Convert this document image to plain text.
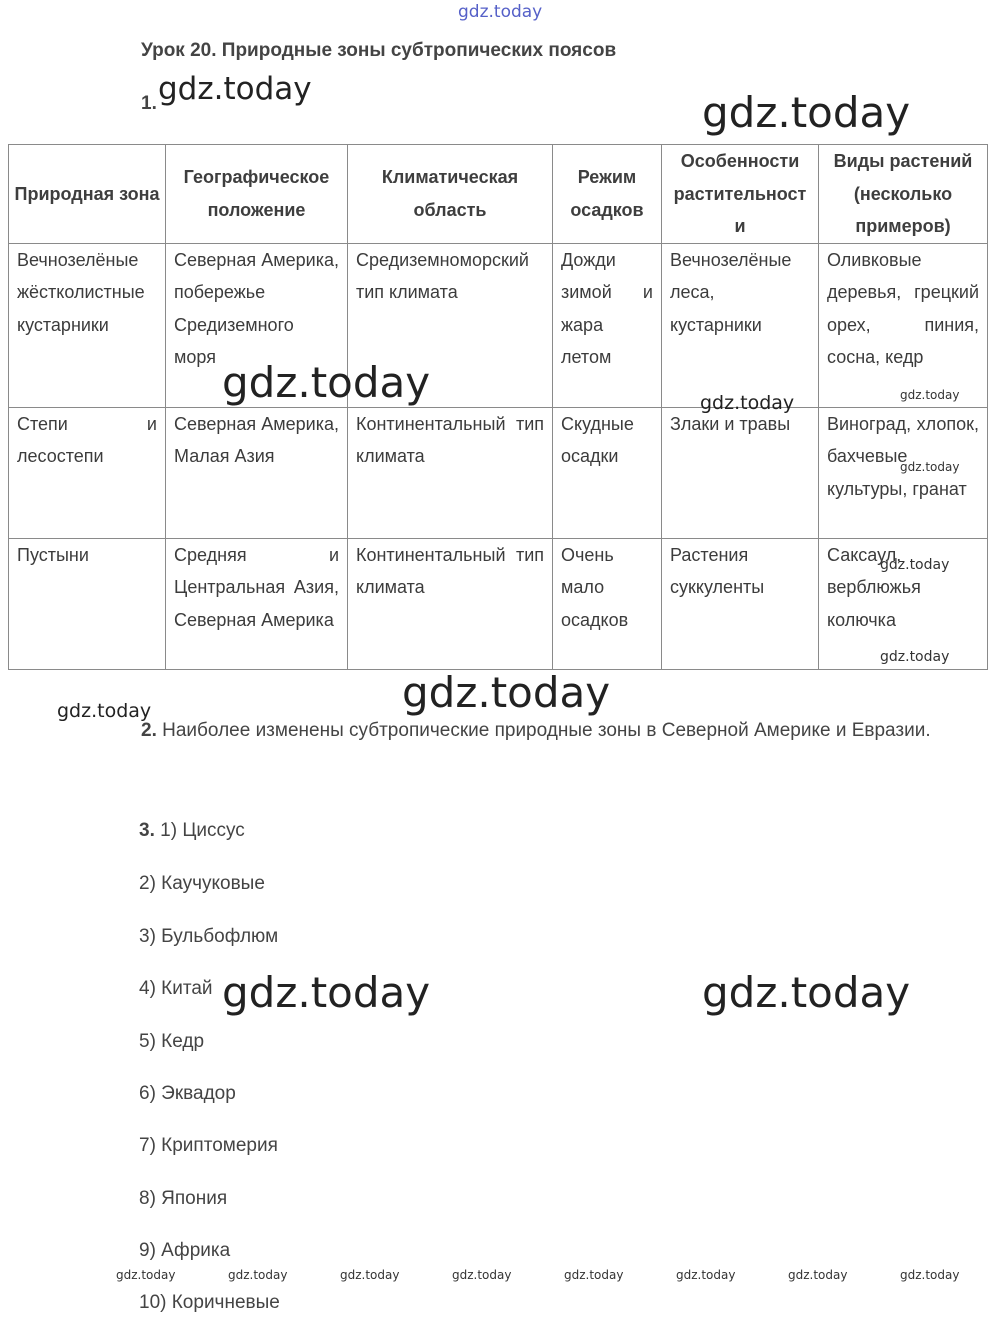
Урок 20. Природные зоны субтропических поясов
1.
Природная зона	Географическое положение	Климатическая область	Режим осадков	Особенности растительност и	Виды растений (несколько примеров)
Вечнозелёные жёстколистные кустарники	Северная Америка, побережье Средиземного моря	Средиземноморский тип климата	Дожди зимой и жара летом	Вечнозелёные леса, кустарники	Оливковые деревья, грецкий орех, пиния, сосна, кедр
Степи и лесостепи	Северная Америка, Малая Азия	Континентальный тип климата	Скудные осадки	Злаки и травы	Виноград, хлопок, бахчевые культуры, гранат
Пустыни	Средняя и Центральная Азия, Северная Америка	Континентальный тип климата	Очень мало осадков	Растения суккуленты	Саксаул, верблюжья колючка
2. Наиболее изменены субтропические природные зоны в Северной Америке и Евразии.
3. 1) Циссус
2) Каучуковые
3) Бульбофлюм
4) Китай
5) Кедр
6) Эквадор
7) Криптомерия
8) Япония
9) Африка
10) Коричневые
gdz.today
gdz.today	gdz.today
gdz.today	gdz.today	gdz.today
gdz.today
gdz.today
gdz.today
gdz.today
gdz.today
gdz.today	gdz.today
gdz.today	gdz.today	gdz.today	gdz.today	gdz.today	gdz.today	gdz.today	gdz.today
